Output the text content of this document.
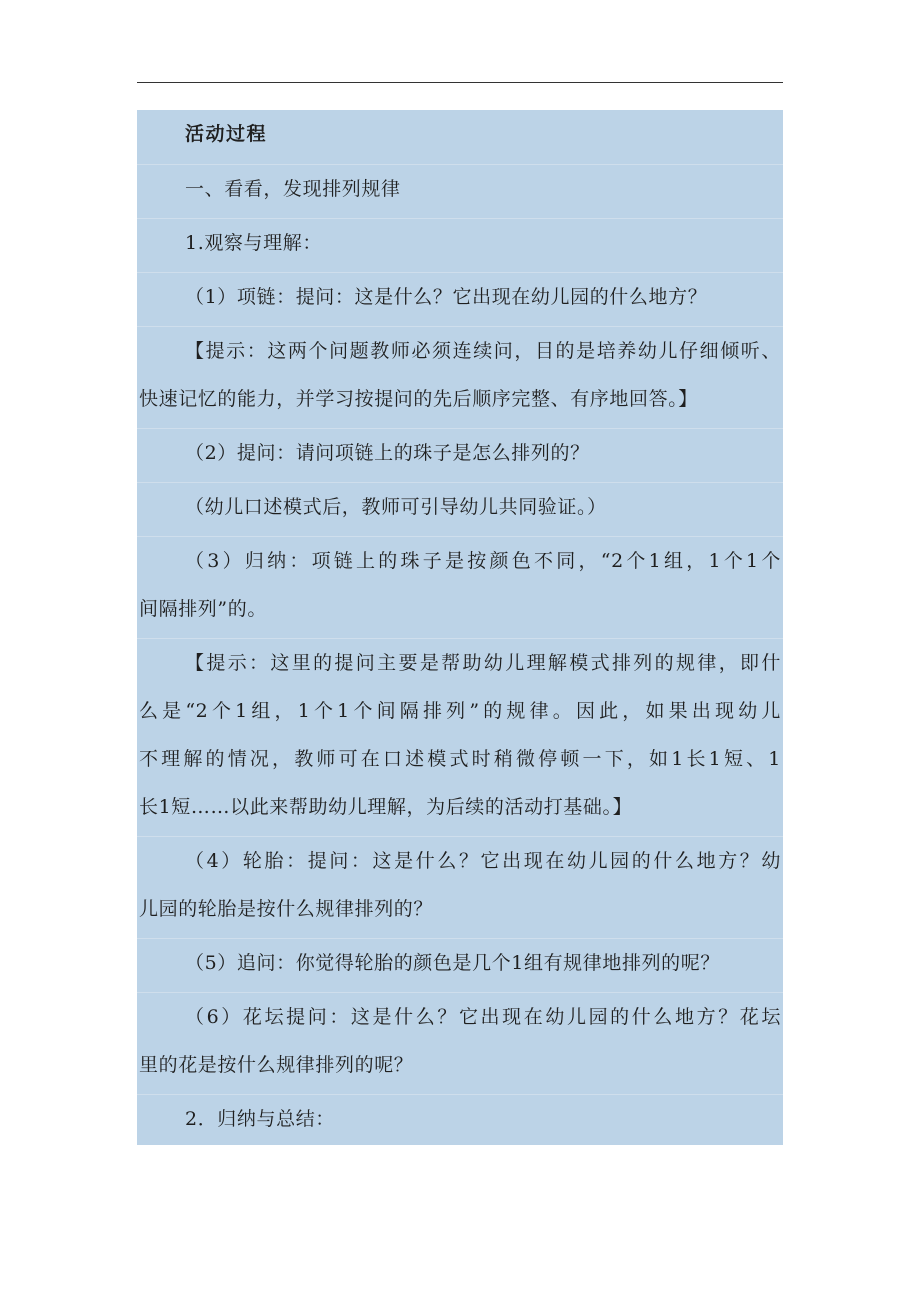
活动过程
一、看看，发现排列规律
1.观察与理解：
（1）项链：提问：这是什么？它出现在幼儿园的什么地方？
【提示：这两个问题教师必须连续问，目的是培养幼儿仔细倾听、
快速记忆的能力，并学习按提问的先后顺序完整、有序地回答。】
（2）提问：请问项链上的珠子是怎么排列的？
（幼儿口述模式后，教师可引导幼儿共同验证。）
（3）归纳：项链上的珠子是按颜色不同，“2个1组，1个1个
间隔排列”的。
【提示：这里的提问主要是帮助幼儿理解模式排列的规律，即什
么是“2个1组，1个1个间隔排列”的规律。因此，如果出现幼儿
不理解的情况，教师可在口述模式时稍微停顿一下，如1长1短、1
长1短……以此来帮助幼儿理解，为后续的活动打基础。】
（4）轮胎：提问：这是什么？它出现在幼儿园的什么地方？幼
儿园的轮胎是按什么规律排列的？
（5）追问：你觉得轮胎的颜色是几个1组有规律地排列的呢？
（6）花坛提问：这是什么？它出现在幼儿园的什么地方？花坛
里的花是按什么规律排列的呢？
2．归纳与总结：
